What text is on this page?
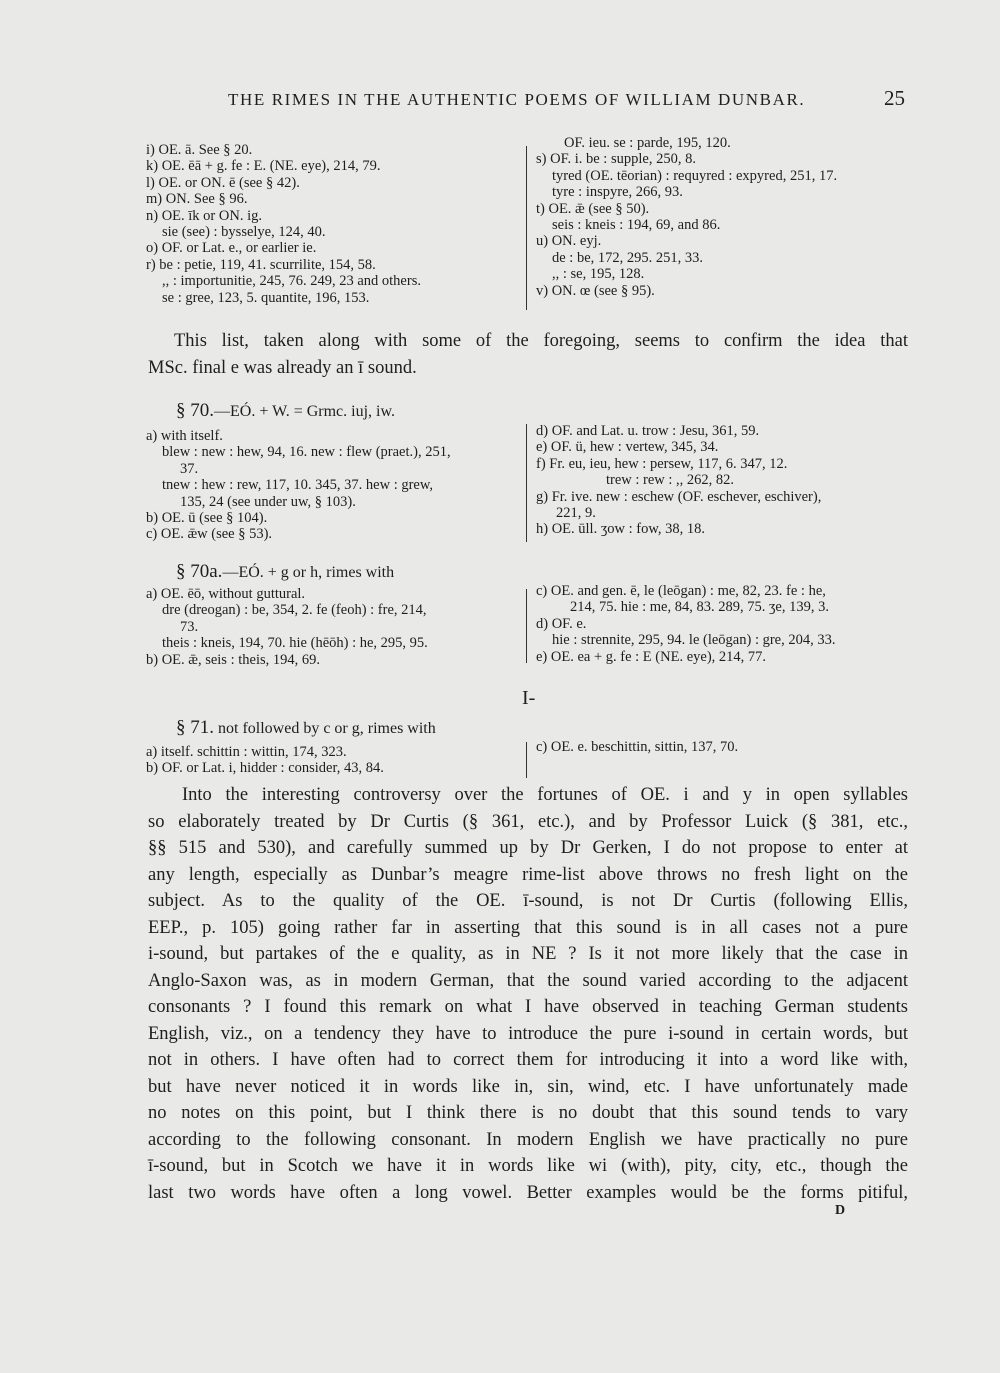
THE RIMES IN THE AUTHENTIC POEMS OF WILLIAM DUNBAR.	25
i) OE. ā. See § 20.
k) OE. ēā + g. fe : E. (NE. eye), 214, 79.
l) OE. or ON. ē (see § 42).
m) ON. See § 96.
n) OE. īk or ON. ig.
sie (see) : bysselye, 124, 40.
o) OF. or Lat. e., or earlier ie.
r) be : petie, 119, 41. scurrilite, 154, 58.
,, : importunitie, 245, 76. 249, 23 and others.
se : gree, 123, 5. quantite, 196, 153.
OF. ieu. se : parde, 195, 120.
s) OF. i. be : supple, 250, 8.
tyred (OE. tēorian) : requyred : expyred, 251, 17.
tyre : inspyre, 266, 93.
t) OE. ǣ (see § 50).
seis : kneis : 194, 69, and 86.
u) ON. eyj.
de : be, 172, 295. 251, 33.
,, : se, 195, 128.
v) ON. œ (see § 95).
This list, taken along with some of the foregoing, seems to confirm the idea that
MSc. final e was already an ī sound.
§ 70.—EÓ. + W. = Grmc. iuj, iw.
a) with itself.
blew : new : hew, 94, 16. new : flew (praet.), 251,
37.
tnew : hew : rew, 117, 10. 345, 37. hew : grew,
135, 24 (see under uw, § 103).
b) OE. ū (see § 104).
c) OE. ǣw (see § 53).
d) OF. and Lat. u. trow : Jesu, 361, 59.
e) OF. ü, hew : vertew, 345, 34.
f) Fr. eu, ieu, hew : persew, 117, 6. 347, 12.
trew : rew : ,, 262, 82.
g) Fr. ive. new : eschew (OF. eschever, eschiver),
221, 9.
h) OE. ūll. ʒow : fow, 38, 18.
§ 70a.—EÓ. + g or h, rimes with
a) OE. ēō, without guttural.
dre (dreogan) : be, 354, 2. fe (feoh) : fre, 214,
73.
theis : kneis, 194, 70. hie (hēōh) : he, 295, 95.
b) OE. ǣ, seis : theis, 194, 69.
c) OE. and gen. ē, le (leōgan) : me, 82, 23. fe : he,
214, 75. hie : me, 84, 83. 289, 75. ʒe, 139, 3.
d) OF. e.
hie : strennite, 295, 94. le (leōgan) : gre, 204, 33.
e) OE. ea + g. fe : E (NE. eye), 214, 77.
I-
§ 71. not followed by c or g, rimes with
a) itself. schittin : wittin, 174, 323.
b) OF. or Lat. i, hidder : consider, 43, 84.
c) OE. e. beschittin, sittin, 137, 70.
Into the interesting controversy over the fortunes of OE. i and y in open syllables
so elaborately treated by Dr Curtis (§ 361, etc.), and by Professor Luick (§ 381, etc.,
§§ 515 and 530), and carefully summed up by Dr Gerken, I do not propose to enter at
any length, especially as Dunbar’s meagre rime-list above throws no fresh light on the
subject. As to the quality of the OE. ī-sound, is not Dr Curtis (following Ellis,
EEP., p. 105) going rather far in asserting that this sound is in all cases not a pure
i-sound, but partakes of the e quality, as in NE ? Is it not more likely that the case in
Anglo-Saxon was, as in modern German, that the sound varied according to the adjacent
consonants ? I found this remark on what I have observed in teaching German students
English, viz., on a tendency they have to introduce the pure i-sound in certain words, but
not in others. I have often had to correct them for introducing it into a word like with,
but have never noticed it in words like in, sin, wind, etc. I have unfortunately made
no notes on this point, but I think there is no doubt that this sound tends to vary
according to the following consonant. In modern English we have practically no pure
ī-sound, but in Scotch we have it in words like wi (with), pity, city, etc., though the
last two words have often a long vowel. Better examples would be the forms pitiful,
D
